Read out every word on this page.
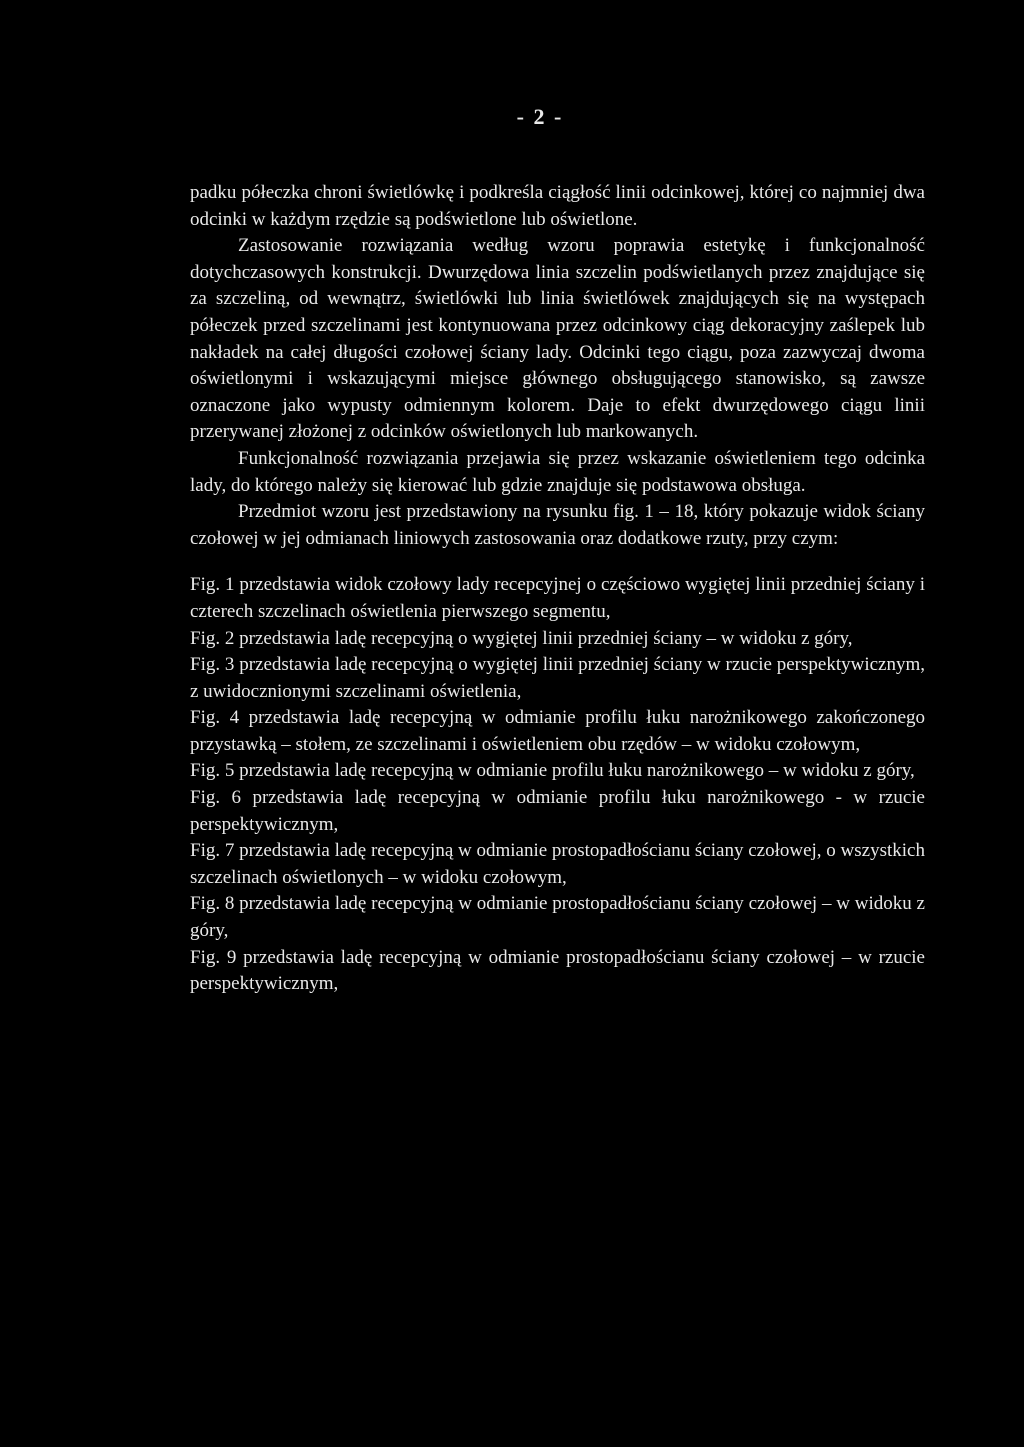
- 2 -

padku półeczka chroni świetlówkę i podkreśla ciągłość linii odcinkowej, której co najmniej dwa odcinki w każdym rzędzie są podświetlone lub oświetlone.

Zastosowanie rozwiązania według wzoru poprawia estetykę i funkcjonalność dotychczasowych konstrukcji. Dwurzędowa linia szczelin podświetlanych przez znajdujące się za szczeliną, od wewnątrz, świetlówki lub linia świetlówek znajdujących się na występach półeczek przed szczelinami jest kontynuowana przez odcinkowy ciąg dekoracyjny zaślepek lub nakładek na całej długości czołowej ściany lady. Odcinki tego ciągu, poza zazwyczaj dwoma oświetlonymi i wskazującymi miejsce głównego obsługującego stanowisko, są zawsze oznaczone jako wypusty odmiennym kolorem. Daje to efekt dwurzędowego ciągu linii przerywanej złożonej z odcinków oświetlonych lub markowanych.

Funkcjonalność rozwiązania przejawia się przez wskazanie oświetleniem tego odcinka lady, do którego należy się kierować lub gdzie znajduje się podstawowa obsługa.

Przedmiot wzoru jest przedstawiony na rysunku fig. 1 – 18, który pokazuje widok ściany czołowej w jej odmianach liniowych zastosowania oraz dodatkowe rzuty, przy czym:

Fig. 1 przedstawia widok czołowy lady recepcyjnej o częściowo wygiętej linii przedniej ściany i czterech szczelinach oświetlenia pierwszego segmentu,

Fig. 2 przedstawia ladę recepcyjną o wygiętej linii przedniej ściany – w widoku z góry,

Fig. 3 przedstawia ladę recepcyjną o wygiętej linii przedniej ściany w rzucie perspektywicznym, z uwidocznionymi szczelinami oświetlenia,

Fig. 4 przedstawia ladę recepcyjną w odmianie profilu łuku narożnikowego zakończonego przystawką – stołem, ze szczelinami i oświetleniem obu rzędów – w widoku czołowym,

Fig. 5 przedstawia ladę recepcyjną w odmianie profilu łuku narożnikowego – w widoku z góry,

Fig. 6 przedstawia ladę recepcyjną w odmianie profilu łuku narożnikowego - w rzucie perspektywicznym,

Fig. 7 przedstawia ladę recepcyjną w odmianie prostopadłościanu ściany czołowej, o wszystkich szczelinach oświetlonych – w widoku czołowym,

Fig. 8 przedstawia ladę recepcyjną w odmianie prostopadłościanu ściany czołowej – w widoku z góry,

Fig. 9 przedstawia ladę recepcyjną w odmianie prostopadłościanu ściany czołowej – w rzucie perspektywicznym,
